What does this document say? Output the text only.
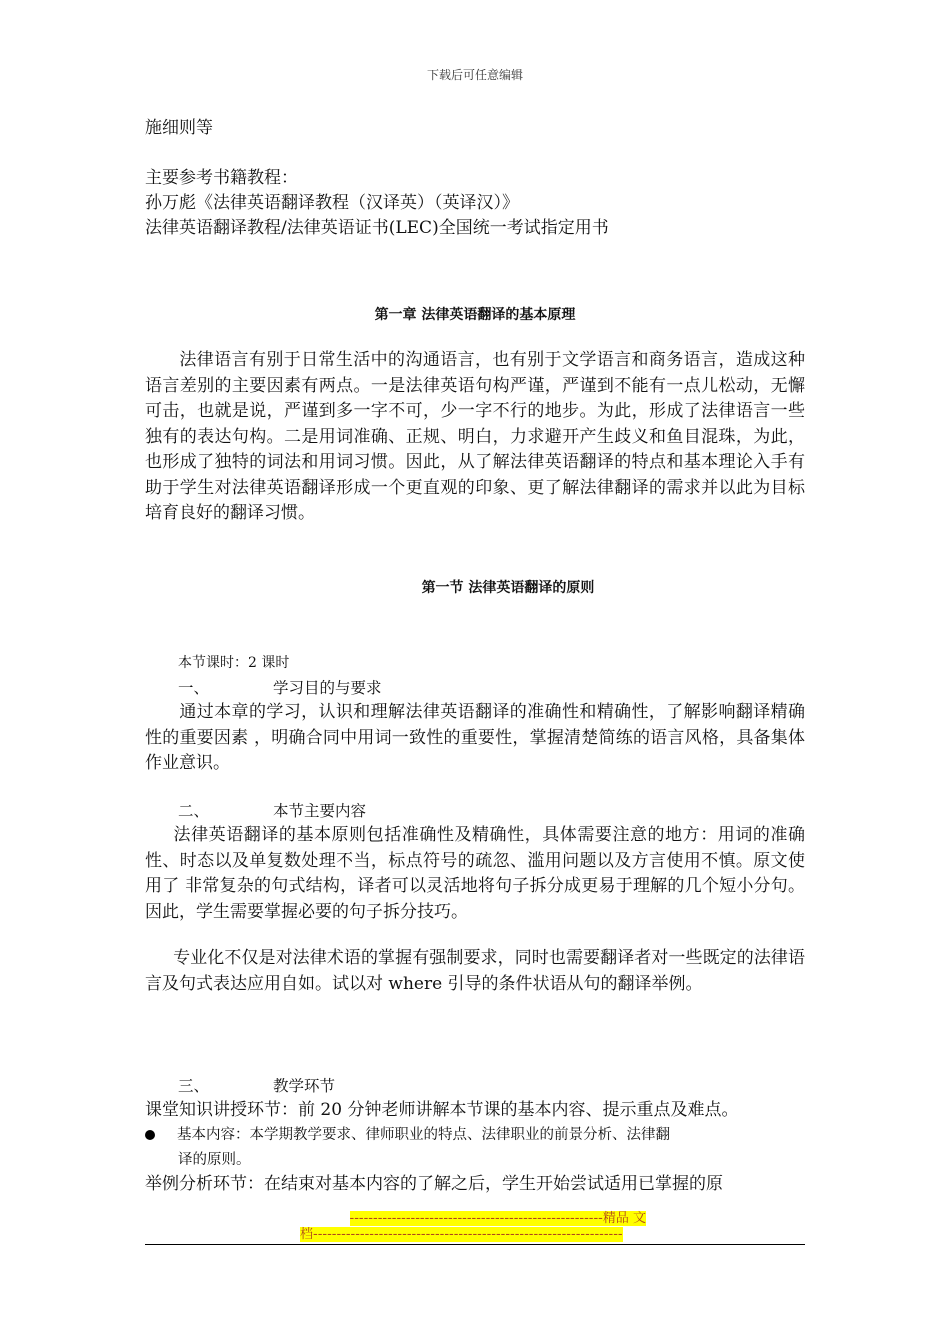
下载后可任意编辑
施细则等
主要参考书籍教程：
孙万彪《法律英语翻译教程（汉译英）（英译汉）》
法律英语翻译教程/法律英语证书(LEC)全国统一考试指定用书
第一章 法律英语翻译的基本原理
法律语言有别于日常生活中的沟通语言，也有别于文学语言和商务语言，造成这种语言差别的主要因素有两点。一是法律英语句构严谨，严谨到不能有一点儿松动，无懈可击，也就是说，严谨到多一字不可，少一字不行的地步。为此，形成了法律语言一些独有的表达句构。二是用词准确、正规、明白，力求避开产生歧义和鱼目混珠，为此，也形成了独特的词法和用词习惯。因此，从了解法律英语翻译的特点和基本理论入手有助于学生对法律英语翻译形成一个更直观的印象、更了解法律翻译的需求并以此为目标培育良好的翻译习惯。
第一节 法律英语翻译的原则
本节课时：2 课时
一、	学习目的与要求
通过本章的学习，认识和理解法律英语翻译的准确性和精确性，了解影响翻译精确性的重要因素 ，明确合同中用词一致性的重要性，掌握清楚简练的语言风格，具备集体作业意识。
二、	本节主要内容
法律英语翻译的基本原则包括准确性及精确性，具体需要注意的地方：用词的准确性、时态以及单复数处理不当，标点符号的疏忽、滥用问题以及方言使用不慎。原文使用了 非常复杂的句式结构，译者可以灵活地将句子拆分成更易于理解的几个短小分句。因此，学生需要掌握必要的句子拆分技巧。
专业化不仅是对法律术语的掌握有强制要求，同时也需要翻译者对一些既定的法律语言及句式表达应用自如。试以对 where 引导的条件状语从句的翻译举例。
三、	教学环节
课堂知识讲授环节：前 20 分钟老师讲解本节课的基本内容、提示重点及难点。
基本内容：本学期教学要求、律师职业的特点、法律职业的前景分析、法律翻
译的原则。
举例分析环节：在结束对基本内容的了解之后，学生开始尝试适用已掌握的原
------------------------------------------------------精品 文
档------------------------------------------------------------------
